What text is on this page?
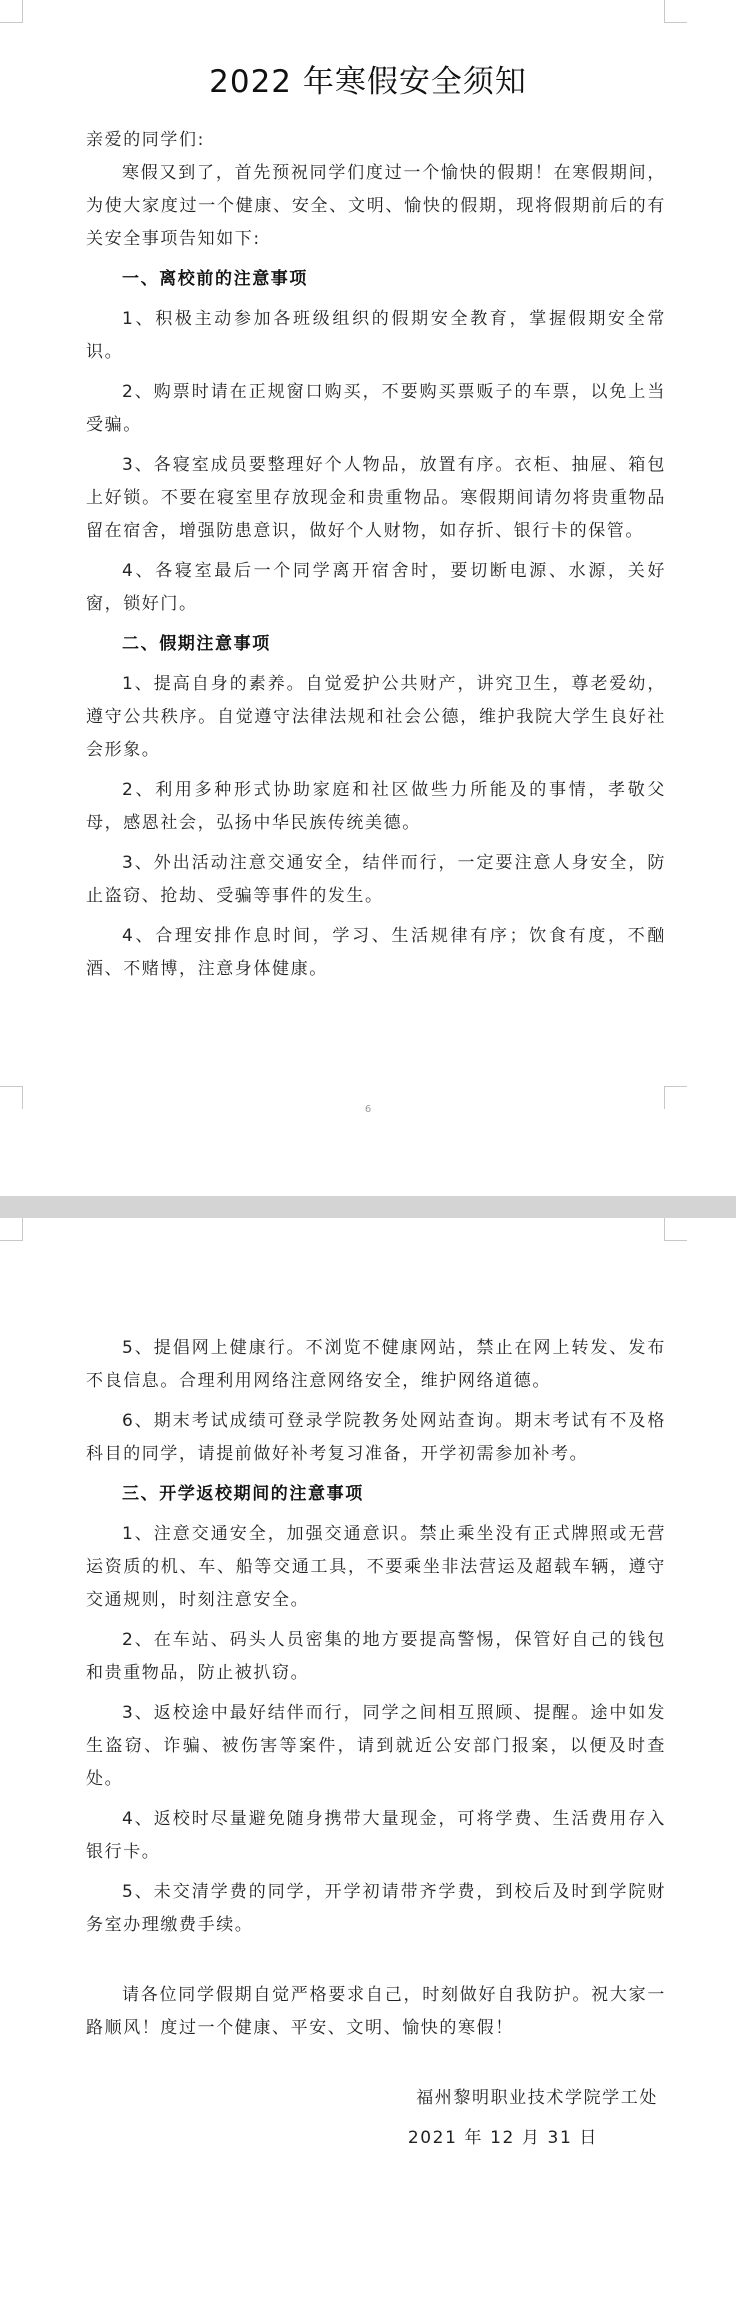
2022 年寒假安全须知

亲爱的同学们:

寒假又到了，首先预祝同学们度过一个愉快的假期！在寒假期间，为使大家度过一个健康、安全、文明、愉快的假期，现将假期前后的有关安全事项告知如下:

一、离校前的注意事项

1、积极主动参加各班级组织的假期安全教育，掌握假期安全常识。

2、购票时请在正规窗口购买，不要购买票贩子的车票，以免上当受骗。

3、各寝室成员要整理好个人物品，放置有序。衣柜、抽屉、箱包上好锁。不要在寝室里存放现金和贵重物品。寒假期间请勿将贵重物品留在宿舍，增强防患意识，做好个人财物，如存折、银行卡的保管。

4、各寝室最后一个同学离开宿舍时，要切断电源、水源，关好窗，锁好门。

二、假期注意事项

1、提高自身的素养。自觉爱护公共财产，讲究卫生，尊老爱幼，遵守公共秩序。自觉遵守法律法规和社会公德，维护我院大学生良好社会形象。

2、利用多种形式协助家庭和社区做些力所能及的事情，孝敬父母，感恩社会，弘扬中华民族传统美德。

3、外出活动注意交通安全，结伴而行，一定要注意人身安全，防止盗窃、抢劫、受骗等事件的发生。

4、合理安排作息时间，学习、生活规律有序；饮食有度，不酗酒、不赌博，注意身体健康。

6

5、提倡网上健康行。不浏览不健康网站，禁止在网上转发、发布不良信息。合理利用网络注意网络安全，维护网络道德。

6、期末考试成绩可登录学院教务处网站查询。期末考试有不及格科目的同学，请提前做好补考复习准备，开学初需参加补考。

三、开学返校期间的注意事项

1、注意交通安全，加强交通意识。禁止乘坐没有正式牌照或无营运资质的机、车、船等交通工具，不要乘坐非法营运及超载车辆，遵守交通规则，时刻注意安全。

2、在车站、码头人员密集的地方要提高警惕，保管好自己的钱包和贵重物品，防止被扒窃。

3、返校途中最好结伴而行，同学之间相互照顾、提醒。途中如发生盗窃、诈骗、被伤害等案件，请到就近公安部门报案，以便及时查处。

4、返校时尽量避免随身携带大量现金，可将学费、生活费用存入银行卡。

5、未交清学费的同学，开学初请带齐学费，到校后及时到学院财务室办理缴费手续。

请各位同学假期自觉严格要求自己，时刻做好自我防护。祝大家一路顺风！度过一个健康、平安、文明、愉快的寒假！

福州黎明职业技术学院学工处

2021 年 12 月 31 日
